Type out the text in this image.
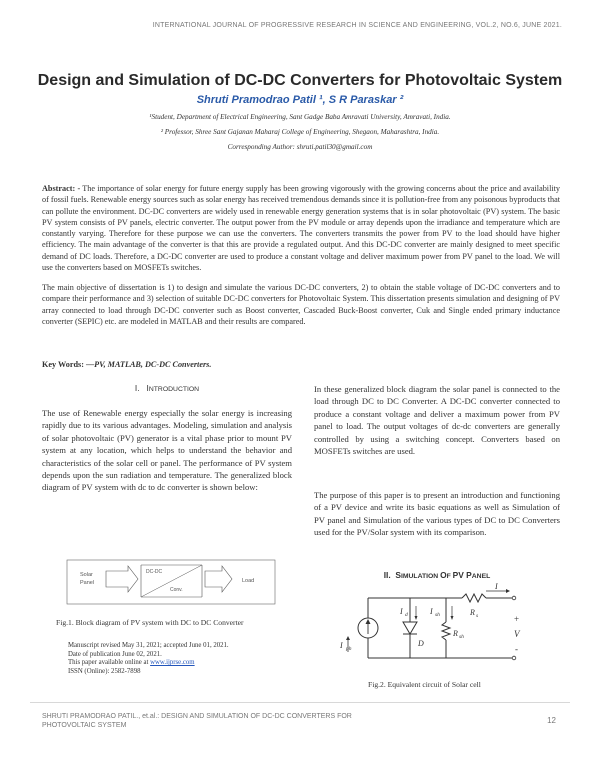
INTERNATIONAL JOURNAL OF PROGRESSIVE RESEARCH IN SCIENCE AND ENGINEERING, VOL.2, NO.6, JUNE 2021.
Design and Simulation of DC-DC Converters for Photovoltaic System
Shruti Pramodrao Patil ¹, S R Paraskar ²
¹Student, Department of Electrical Engineering, Sant Gadge Baba Amravati University, Amravati, India.
² Professor, Shree Sant Gajanan Maharaj College of Engineering, Shegaon, Maharashtra, India.
Corresponding Author: shruti.patil30@gmail.com
Abstract: - The importance of solar energy for future energy supply has been growing vigorously with the growing concerns about the price and availability of fossil fuels. Renewable energy sources such as solar energy has received tremendous demands since it is pollution-free from any poisonous byproducts that can pollute the environment. DC-DC converters are widely used in renewable energy generation systems that is in solar photovoltaic (PV) system. The basic PV system consists of PV panels, electric converter. The output power from the PV module or array depends upon the irradiance and temperature which are constantly varying. Therefore for these purpose we can use the converters. The converters transmits the power from PV to the load should have higher efficiency. The main advantage of the converter is that this are provide a regulated output. And this DC-DC converter are mainly designed to meet specific demand of DC loads. Therefore, a DC-DC converter are used to produce a constant voltage and deliver maximum power from PV panel to the load. We will use the converters based on MOSFETs switches.
The main objective of dissertation is 1) to design and simulate the various DC-DC converters, 2) to obtain the stable voltage of DC-DC converters and to compare their performance and 3) selection of suitable DC-DC converters for Photovoltaic System. This dissertation presents simulation and designing of PV array connected to load through DC-DC converter such as Boost converter, Cascaded Buck-Boost converter, Cuk and Single ended primary inductance converter (SEPIC) etc. are modeled in MATLAB and their results are compared.
Key Words: —PV, MATLAB, DC-DC Converters.
I. INTRODUCTION
The use of Renewable energy especially the solar energy is increasing rapidly due to its various advantages. Modeling, simulation and analysis of solar photovoltaic (PV) generator is a vital phase prior to mount PV system at any location, which helps to understand the behavior and characteristics of the solar cell or panel. The performance of PV system depends upon the sun radiation and temperature. The generalized block diagram of PV system with dc to dc converter is shown below:
Solar
Panel
DC-DC
Conv.
Load
Fig.1. Block diagram of PV system with DC to DC Converter
Manuscript revised May 31, 2021; accepted June 01, 2021.
Date of publication June 02, 2021.
This paper available online at www.ijprse.com
ISSN (Online): 2582-7898
In these generalized block diagram the solar panel is connected to the load through DC to DC Converter. A DC-DC converter connected to produce a constant voltage and deliver a maximum power from PV panel to load. The output voltages of dc-dc converters are generally controlled by using a switching concept. Converters based on MOSFETs switches are used.
The purpose of this paper is to present an introduction and functioning of a PV device and write its basic equations as well as Simulation of PV panel and Simulation of the various types of DC to DC Converters used for the PV/Solar system with its comparison.
II. SIMULATION OF PV PANEL
I
R s
I ph
D
I d
R sh
I sh	+
V
-
Fig.2. Equivalent circuit of Solar cell
SHRUTI PRAMODRAO PATIL., et.al.: DESIGN AND SIMULATION OF DC-DC CONVERTERS FOR PHOTOVOLTAIC SYSTEM
12
